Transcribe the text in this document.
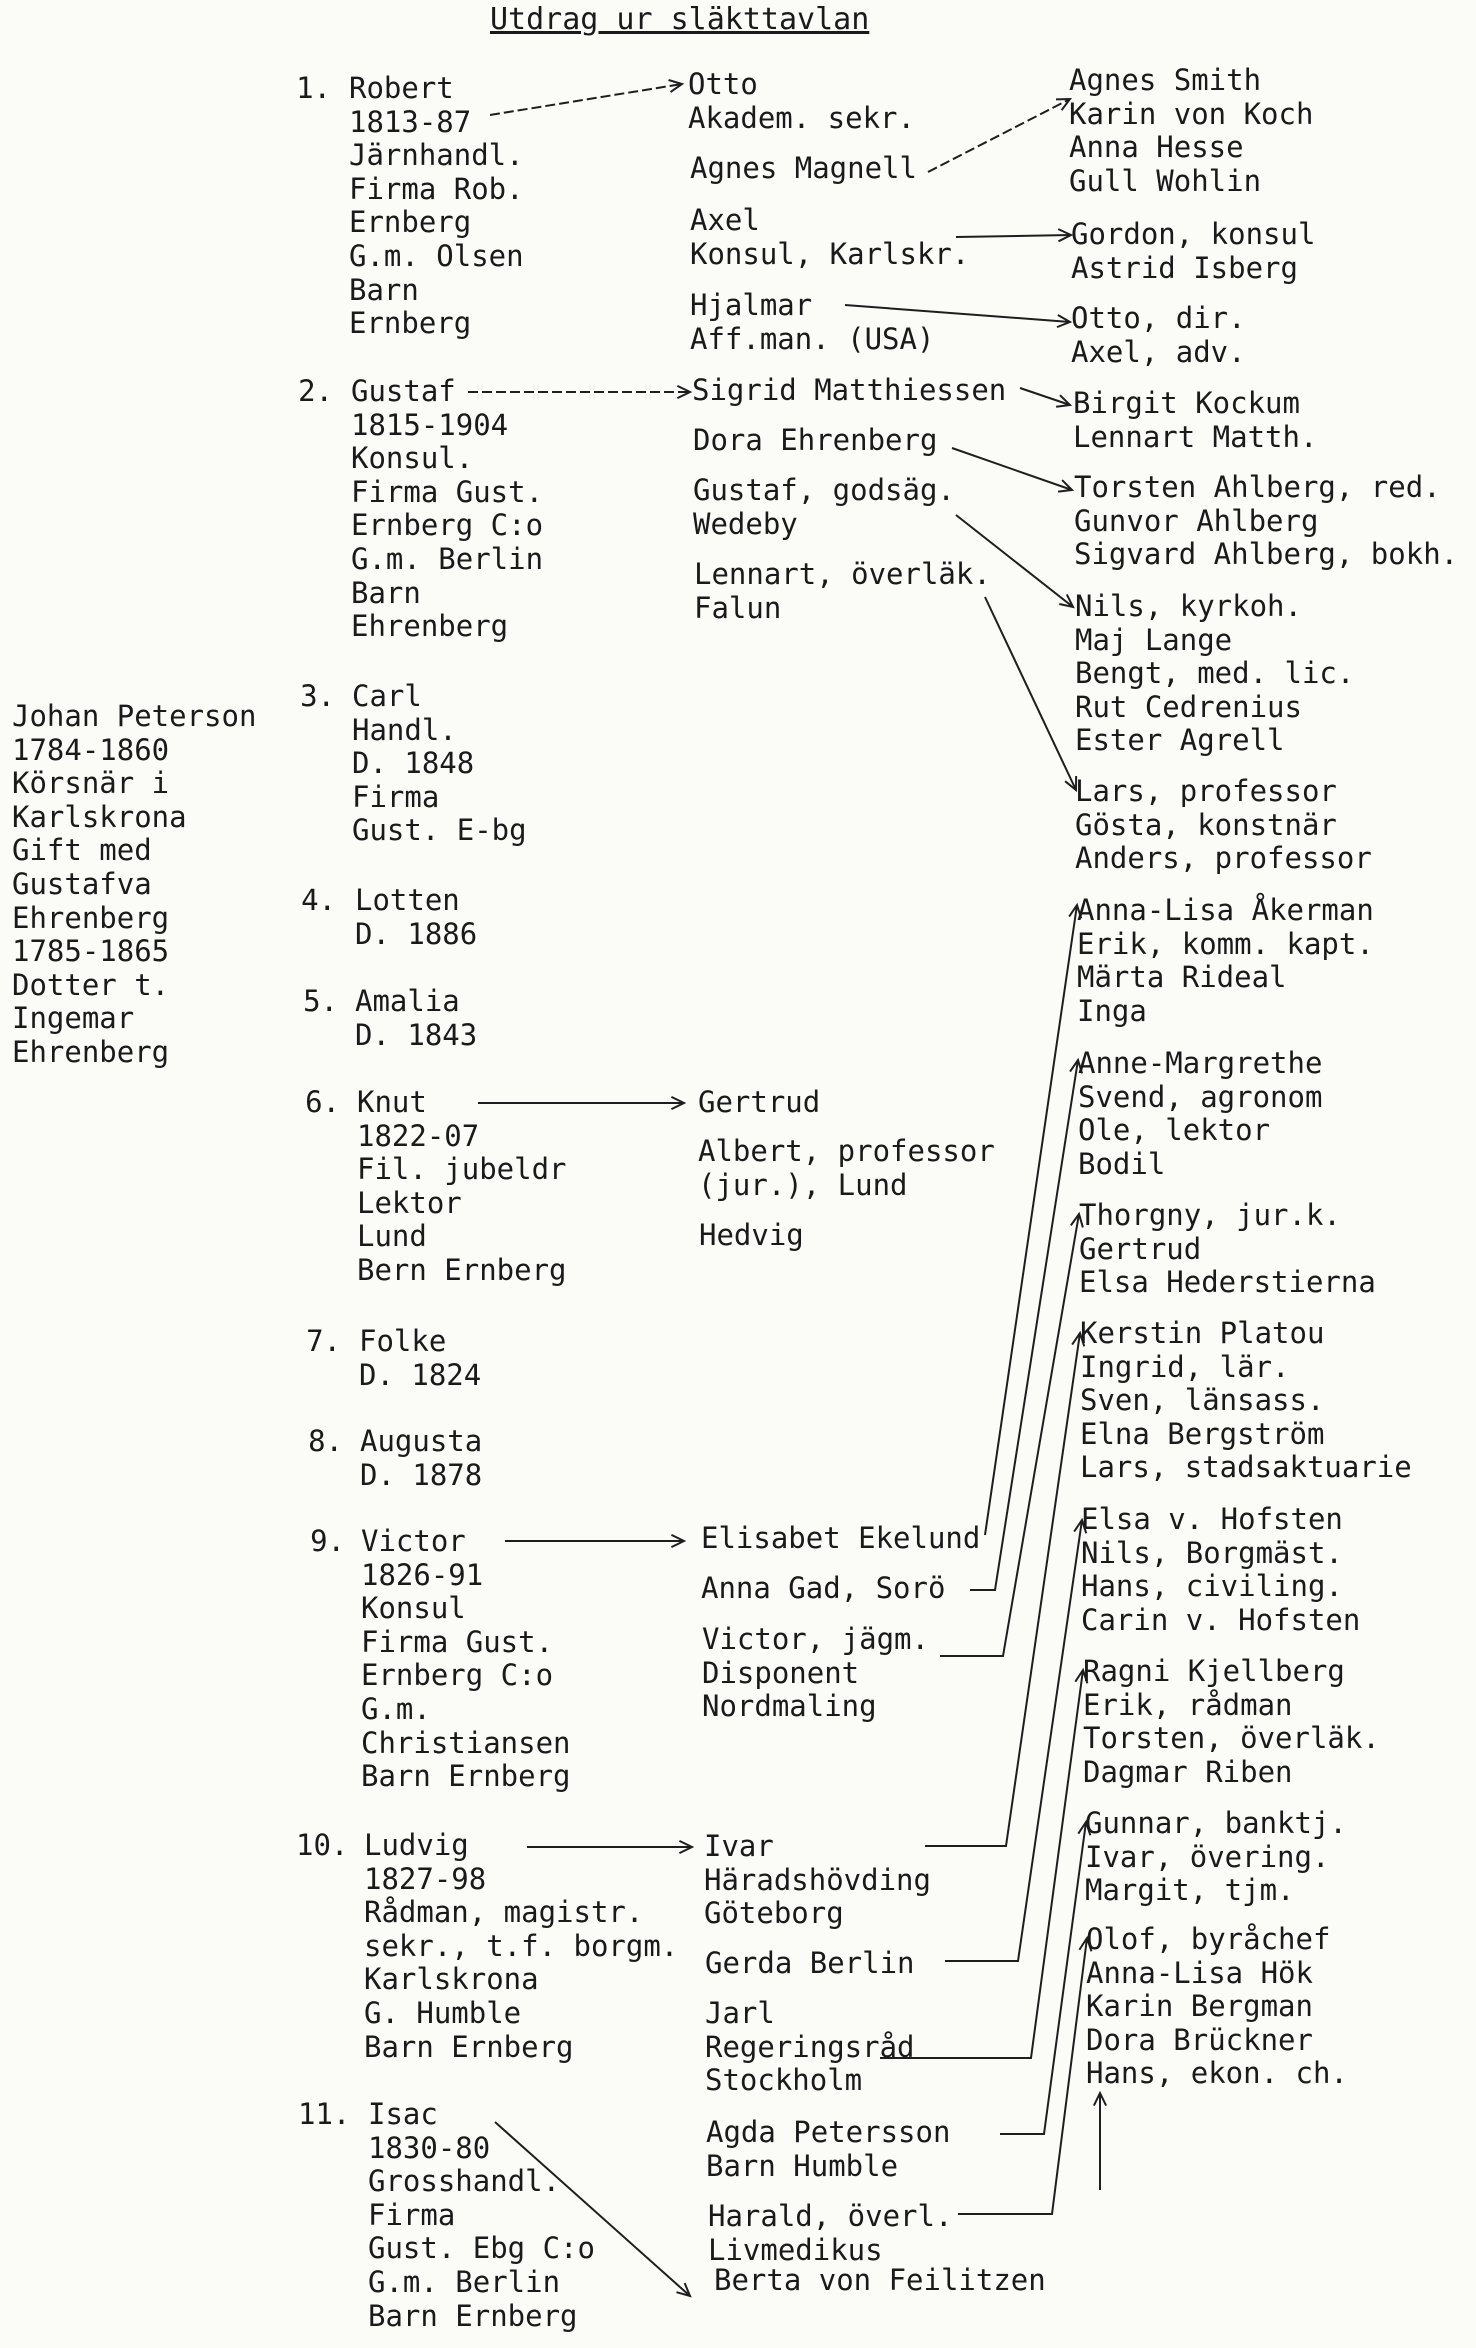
Utdrag ur släkttavlan
Johan Peterson
1784-1860
Körsnär i
Karlskrona
Gift med
Gustafva
Ehrenberg
1785-1865
Dotter t.
Ingemar
Ehrenberg
1. Robert
1813-87
Järnhandl.
Firma Rob.
Ernberg
G.m. Olsen
Barn
Ernberg
2. Gustaf
1815-1904
Konsul.
Firma Gust.
Ernberg C:o
G.m. Berlin
Barn
Ehrenberg
3. Carl
Handl.
D. 1848
Firma
Gust. E-bg
4. Lotten
D. 1886
5. Amalia
D. 1843
6. Knut
1822-07
Fil. jubeldr
Lektor
Lund
Bern Ernberg
7. Folke
D. 1824
8. Augusta
D. 1878
9. Victor
1826-91
Konsul
Firma Gust.
Ernberg C:o
G.m.
Christiansen
Barn Ernberg
10. Ludvig
1827-98
Rådman, magistr.
sekr., t.f. borgm.
Karlskrona
G. Humble
Barn Ernberg
11. Isac
1830-80
Grosshandl.
Firma
Gust. Ebg C:o
G.m. Berlin
Barn Ernberg
Otto
Akadem. sekr.
Agnes Magnell
Axel
Konsul, Karlskr.
Hjalmar
Aff.man. (USA)
Sigrid Matthiessen
Dora Ehrenberg
Gustaf, godsäg.
Wedeby
Lennart, överläk.
Falun
Gertrud
Albert, professor
(jur.), Lund
Hedvig
Elisabet Ekelund
Anna Gad, Sorö
Victor, jägm.
Disponent
Nordmaling
Ivar
Häradshövding
Göteborg
Gerda Berlin
Jarl
Regeringsråd
Stockholm
Agda Petersson
Barn Humble
Harald, överl.
Livmedikus
Berta von Feilitzen
Agnes Smith
Karin von Koch
Anna Hesse
Gull Wohlin
Gordon, konsul
Astrid Isberg
Otto, dir.
Axel, adv.
Birgit Kockum
Lennart Matth.
Torsten Ahlberg, red.
Gunvor Ahlberg
Sigvard Ahlberg, bokh.
Nils, kyrkoh.
Maj Lange
Bengt, med. lic.
Rut Cedrenius
Ester Agrell
Lars, professor
Gösta, konstnär
Anders, professor
Anna-Lisa Åkerman
Erik, komm. kapt.
Märta Rideal
Inga
Anne-Margrethe
Svend, agronom
Ole, lektor
Bodil
Thorgny, jur.k.
Gertrud
Elsa Hederstierna
Kerstin Platou
Ingrid, lär.
Sven, länsass.
Elna Bergström
Lars, stadsaktuarie
Elsa v. Hofsten
Nils, Borgmäst.
Hans, civiling.
Carin v. Hofsten
Ragni Kjellberg
Erik, rådman
Torsten, överläk.
Dagmar Riben
Gunnar, banktj.
Ivar, övering.
Margit, tjm.
Olof, byråchef
Anna-Lisa Hök
Karin Bergman
Dora Brückner
Hans, ekon. ch.
